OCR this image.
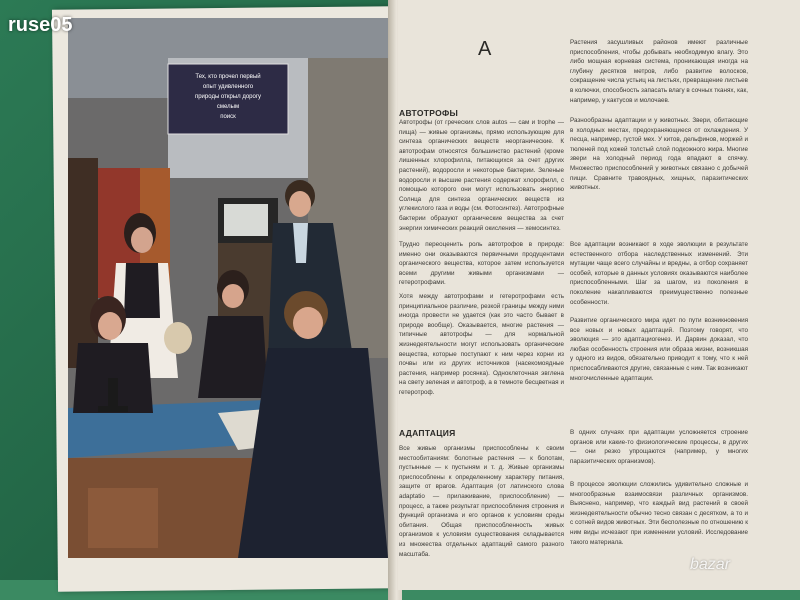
Тех, кто прочел первый
опыт удивленного
природы открыл дорогу
смелым
поиск
А
АВТОТРОФЫ
АДАПТАЦИЯ

Автотрофы (от греческих слов autos — сам и trophe — пища) — живые организмы, прямо использующие для синтеза органических веществ неорганические. К автотрофам относятся большинство растений (кроме лишенных хлорофилла, питающихся за счет других растений), водоросли и некоторые бактерии. Зеленые водоросли и высшие растения содержат хлорофилл, с помощью которого они могут использовать энергию Солнца для синтеза органических веществ из углекислого газа и воды (см. Фотосинтез). Автотрофные бактерии образуют органические вещества за счет энергии химических реакций окисления — хемосинтез.

Трудно переоценить роль автотрофов в природе: именно они оказываются первичными продуцентами органического вещества, которое затем используется всеми другими живыми организмами — гетеротрофами.

Хотя между автотрофами и гетеротрофами есть принципиальное различие, резкой границы между ними иногда провести не удается (как это часто бывает в природе вообще). Оказывается, многие растения — типичные автотрофы — для нормальной жизнедеятельности могут использовать органические вещества, которые поступают к ним через корни из почвы или из других источников (насекомоядные растения, например росянка). Одноклеточная эвглена на свету зеленая и автотроф, а в темноте бесцветная и гетеротроф.

Все живые организмы приспособлены к своим местообитаниям: болотные растения — к болотам, пустынные — к пустыням и т. д. Живые организмы приспособлены к определенному характеру питания, защите от врагов. Адаптация (от латинского слова adaptatio — прилаживание, приспособление) — процесс, а также результат приспособления строения и функций организма и его органов к условиям среды обитания. Общая приспособленность живых организмов к условиям существования складывается из множества отдельных адаптаций самого разного масштаба.

Растения засушливых районов имеют различные приспособления, чтобы добывать необходимую влагу. Это либо мощная корневая система, проникающая иногда на глубину десятков метров, либо развитие волосков, сокращение числа устьиц на листьях, превращение листьев в колючки, способность запасать влагу в сочных тканях, как, например, у кактусов и молочаев.

Разнообразны адаптации и у животных. Звери, обитающие в холодных местах, предохраняющиеся от охлаждения. У песца, например, густой мех. У китов, дельфинов, моржей и тюленей под кожей толстый слой подкожного жира. Многие звери на холодный период года впадают в спячку. Множество приспособлений у животных связано с добычей пищи. Сравните травоядных, хищных, паразитических животных.

Все адаптации возникают в ходе эволюции в результате естественного отбора наследственных изменений. Эти мутации чаще всего случайны и вредны, а отбор сохраняет особей, которые в данных условиях оказываются наиболее приспособленными. Шаг за шагом, из поколения в поколение накапливаются преимущественно полезные особенности.

Развитие органического мира идет по пути возникновения все новых и новых адаптаций. Поэтому говорят, что эволюция — это адаптациогенез. И. Дарвин доказал, что любая особенность строения или образа жизни, возникшая у одного из видов, обязательно приводит к тому, что к ней приспосабливаются другие, связанные с ним. Так возникают многочисленные адаптации.

В одних случаях при адаптации усложняется строение органов или какие-то физиологические процессы, в других — они резко упрощаются (например, у многих паразитических организмов).

В процессе эволюции сложились удивительно сложные и многообразные взаимосвязи различных организмов. Выяснено, например, что каждый вид растений в своей жизнедеятельности обычно тесно связан с десятком, а то и с сотней видов животных. Эти бесполезные по отношению к ним виды исчезают при изменении условий. Исследование такого материала.

ruse05
bazar
